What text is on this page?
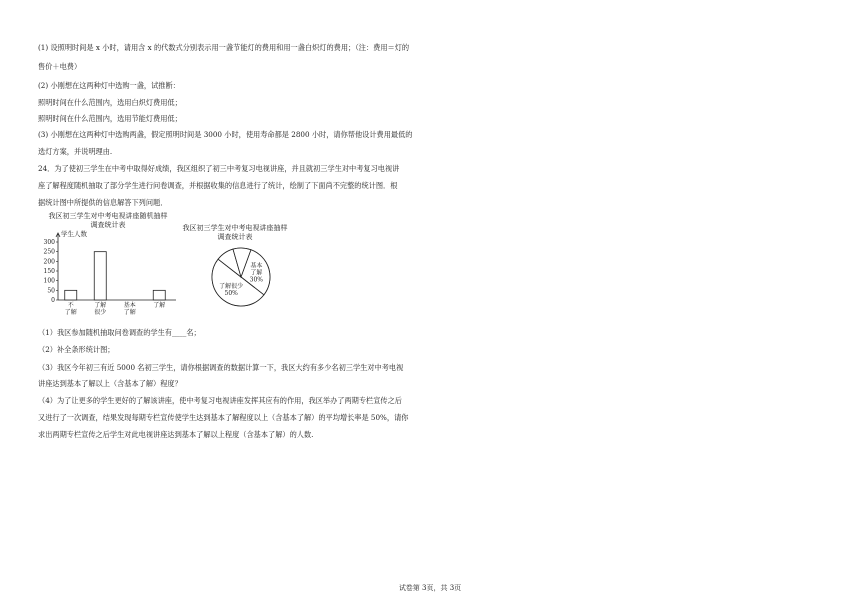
(1) 设照明时间是 x 小时，请用含 x 的代数式分别表示用一盏节能灯的费用和用一盏白炽灯的费用；（注：费用＝灯的
售价＋电费）
(2) 小刚想在这两种灯中选购一盏，试推断：
照明时间在什么范围内，选用白炽灯费用低；
照明时间在什么范围内，选用节能灯费用低；
(3) 小刚想在这两种灯中选购两盏，假定照明时间是 3000 小时，使用寿命都是 2800 小时，请你帮他设计费用最低的
选灯方案，并说明理由.
24．为了使初三学生在中考中取得好成绩，我区组织了初三中考复习电视讲座，并且就初三学生对中考复习电视讲
座了解程度随机抽取了部分学生进行问卷调查，并根据收集的信息进行了统计，绘制了下面尚不完整的统计图．根
据统计图中所提供的信息解答下列问题．
我区初三学生对中考电视讲座随机抽样
调查统计表
学生人数
0
50
100
150
200
250
300
不
了解
了解
很少
基本
了解
了解
我区初三学生对中考电视讲座抽样
调查统计表
基本
了解
30%
了解很少
50%
（1）我区参加随机抽取问卷调查的学生有____名；
（2）补全条形统计图；
（3）我区今年初三有近 5000 名初三学生，请你根据调查的数据计算一下，我区大约有多少名初三学生对中考电视
讲座达到基本了解以上（含基本了解）程度？
（4）为了让更多的学生更好的了解该讲座，使中考复习电视讲座发挥其应有的作用，我区举办了两期专栏宣传之后
又进行了一次调查，结果发现每期专栏宣传使学生达到基本了解程度以上（含基本了解）的平均增长率是 50%，请你
求出两期专栏宣传之后学生对此电视讲座达到基本了解以上程度（含基本了解）的人数.
试卷第 3页，共 3页
